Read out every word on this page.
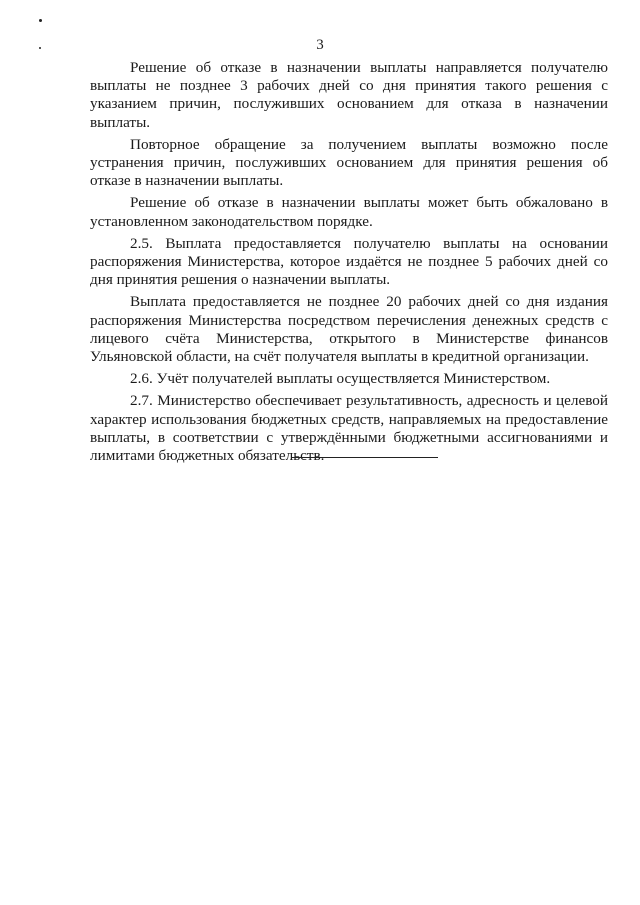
3

Решение об отказе в назначении выплаты направляется получателю выплаты не позднее 3 рабочих дней со дня принятия такого решения с указанием причин, послуживших основанием для отказа в назначении выплаты.

Повторное обращение за получением выплаты возможно после устранения причин, послуживших основанием для принятия решения об отказе в назначении выплаты.

Решение об отказе в назначении выплаты может быть обжаловано в установленном законодательством порядке.

2.5. Выплата предоставляется получателю выплаты на основании распоряжения Министерства, которое издаётся не позднее 5 рабочих дней со дня принятия решения о назначении выплаты.

Выплата предоставляется не позднее 20 рабочих дней со дня издания распоряжения Министерства посредством перечисления денежных средств с лицевого счёта Министерства, открытого в Министерстве финансов Ульяновской области, на счёт получателя выплаты в кредитной организации.

2.6. Учёт получателей выплаты осуществляется Министерством.

2.7. Министерство обеспечивает результативность, адресность и целевой характер использования бюджетных средств, направляемых на предоставление выплаты, в соответствии с утверждёнными бюджетными ассигнованиями и лимитами бюджетных обязательств.
